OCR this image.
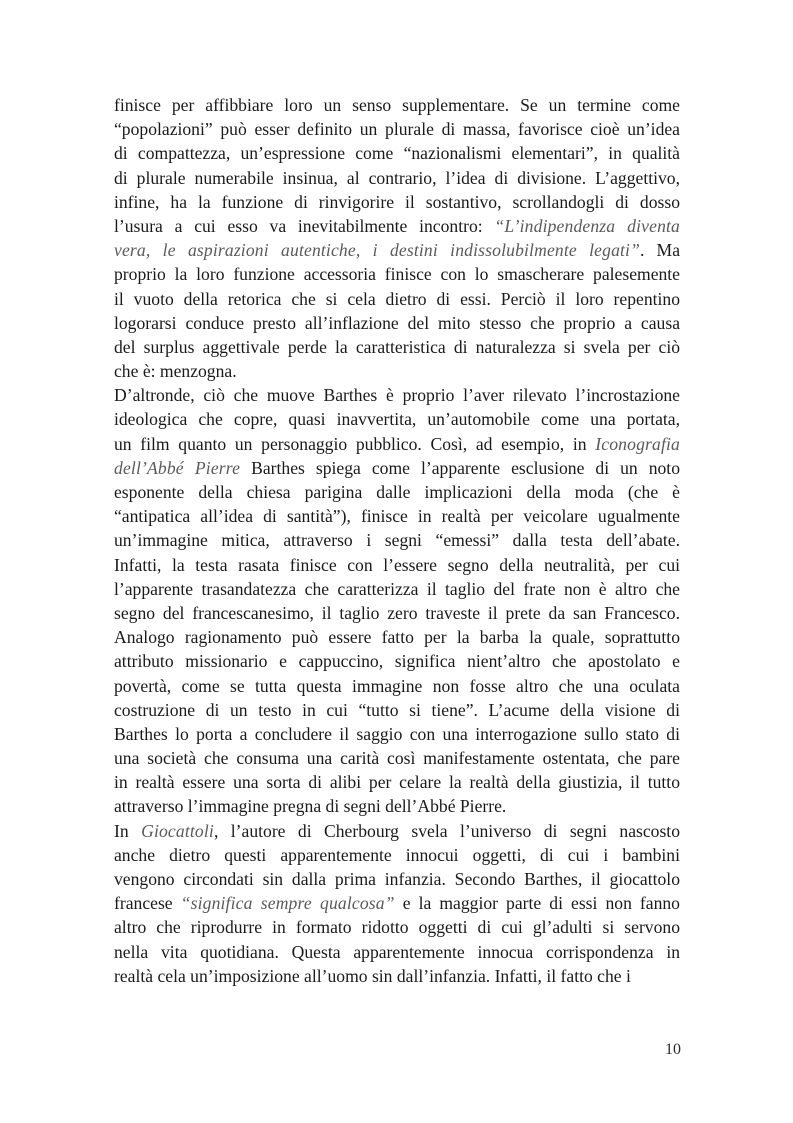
finisce per affibbiare loro un senso supplementare. Se un termine come
“popolazioni” può esser definito un plurale di massa, favorisce cioè un’idea
di compattezza, un’espressione come “nazionalismi elementari”, in qualità
di plurale numerabile insinua, al contrario, l’idea di divisione. L’aggettivo,
infine, ha la funzione di rinvigorire il sostantivo, scrollandogli di dosso
l’usura a cui esso va inevitabilmente incontro: “L’indipendenza diventa
vera, le aspirazioni autentiche, i destini indissolubilmente legati”. Ma
proprio la loro funzione accessoria finisce con lo smascherare palesemente
il vuoto della retorica che si cela dietro di essi. Perciò il loro repentino
logorarsi conduce presto all’inflazione del mito stesso che proprio a causa
del surplus aggettivale perde la caratteristica di naturalezza si svela per ciò
che è: menzogna.
D’altronde, ciò che muove Barthes è proprio l’aver rilevato l’incrostazione
ideologica che copre, quasi inavvertita, un’automobile come una portata,
un film quanto un personaggio pubblico. Così, ad esempio, in Iconografia
dell’Abbé Pierre Barthes spiega come l’apparente esclusione di un noto
esponente della chiesa parigina dalle implicazioni della moda (che è
“antipatica all’idea di santità”), finisce in realtà per veicolare ugualmente
un’immagine mitica, attraverso i segni “emessi” dalla testa dell’abate.
Infatti, la testa rasata finisce con l’essere segno della neutralità, per cui
l’apparente trasandatezza che caratterizza il taglio del frate non è altro che
segno del francescanesimo, il taglio zero traveste il prete da san Francesco.
Analogo ragionamento può essere fatto per la barba la quale, soprattutto
attributo missionario e cappuccino, significa nient’altro che apostolato e
povertà, come se tutta questa immagine non fosse altro che una oculata
costruzione di un testo in cui “tutto si tiene”. L’acume della visione di
Barthes lo porta a concludere il saggio con una interrogazione sullo stato di
una società che consuma una carità così manifestamente ostentata, che pare
in realtà essere una sorta di alibi per celare la realtà della giustizia, il tutto
attraverso l’immagine pregna di segni dell’Abbé Pierre.
In Giocattoli, l’autore di Cherbourg svela l’universo di segni nascosto
anche dietro questi apparentemente innocui oggetti, di cui i bambini
vengono circondati sin dalla prima infanzia. Secondo Barthes, il giocattolo
francese “significa sempre qualcosa” e la maggior parte di essi non fanno
altro che riprodurre in formato ridotto oggetti di cui gl’adulti si servono
nella vita quotidiana. Questa apparentemente innocua corrispondenza in
realtà cela un’imposizione all’uomo sin dall’infanzia. Infatti, il fatto che i
10
